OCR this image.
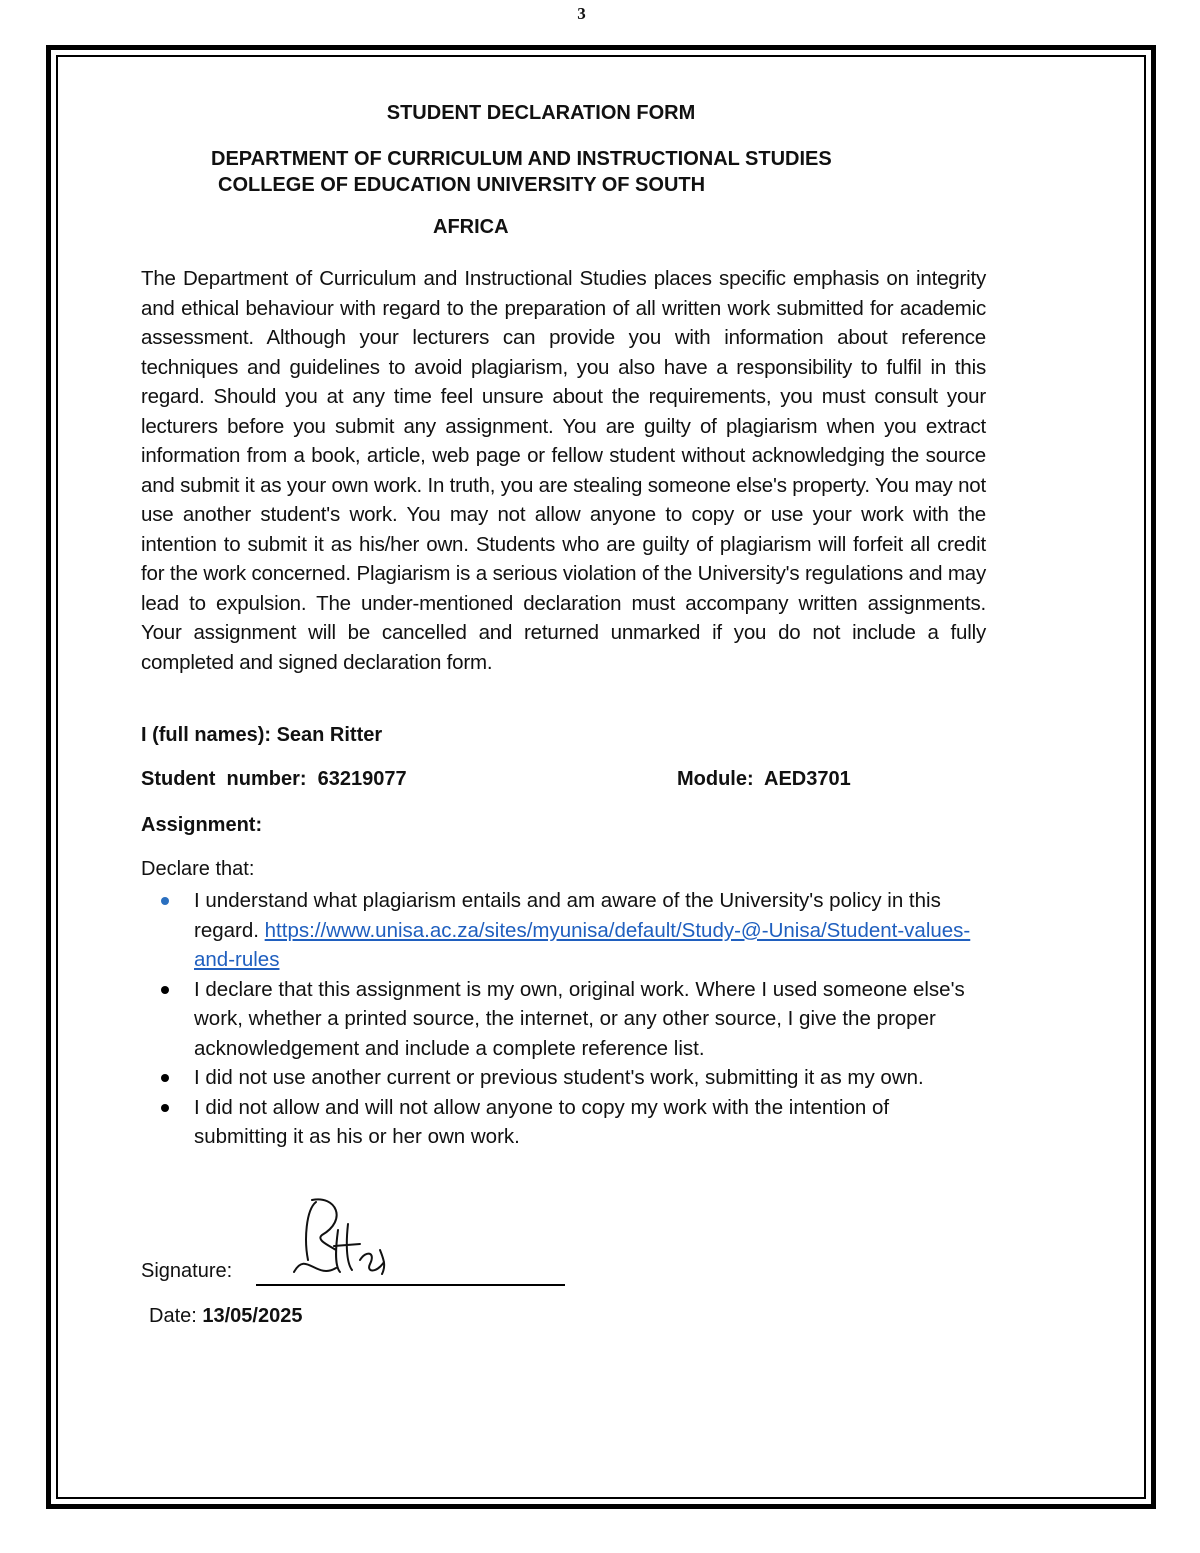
3
STUDENT DECLARATION FORM
DEPARTMENT OF CURRICULUM AND INSTRUCTIONAL STUDIES
COLLEGE OF EDUCATION UNIVERSITY OF SOUTH
AFRICA
The Department of Curriculum and Instructional Studies places specific emphasis on integrity and ethical behaviour with regard to the preparation of all written work submitted for academic assessment. Although your lecturers can provide you with information about reference techniques and guidelines to avoid plagiarism, you also have a responsibility to fulfil in this regard. Should you at any time feel unsure about the requirements, you must consult your lecturers before you submit any assignment. You are guilty of plagiarism when you extract information from a book, article, web page or fellow student without acknowledging the source and submit it as your own work. In truth, you are stealing someone else's property. You may not use another student's work. You may not allow anyone to copy or use your work with the intention to submit it as his/her own. Students who are guilty of plagiarism will forfeit all credit for the work concerned. Plagiarism is a serious violation of the University's regulations and may lead to expulsion. The under-mentioned declaration must accompany written assignments. Your assignment will be cancelled and returned unmarked if you do not include a fully completed and signed declaration form.
I (full names): Sean Ritter
Student  number:  63219077	Module:  AED3701
Assignment:
Declare that:
I understand what plagiarism entails and am aware of the University's policy in this regard. https://www.unisa.ac.za/sites/myunisa/default/Study-@-Unisa/Student-values-and-rules
I declare that this assignment is my own, original work. Where I used someone else's work, whether a printed source, the internet, or any other source, I give the proper acknowledgement and include a complete reference list.
I did not use another current or previous student's work, submitting it as my own.
I did not allow and will not allow anyone to copy my work with the intention of submitting it as his or her own work.
Signature:
Date: 13/05/2025
